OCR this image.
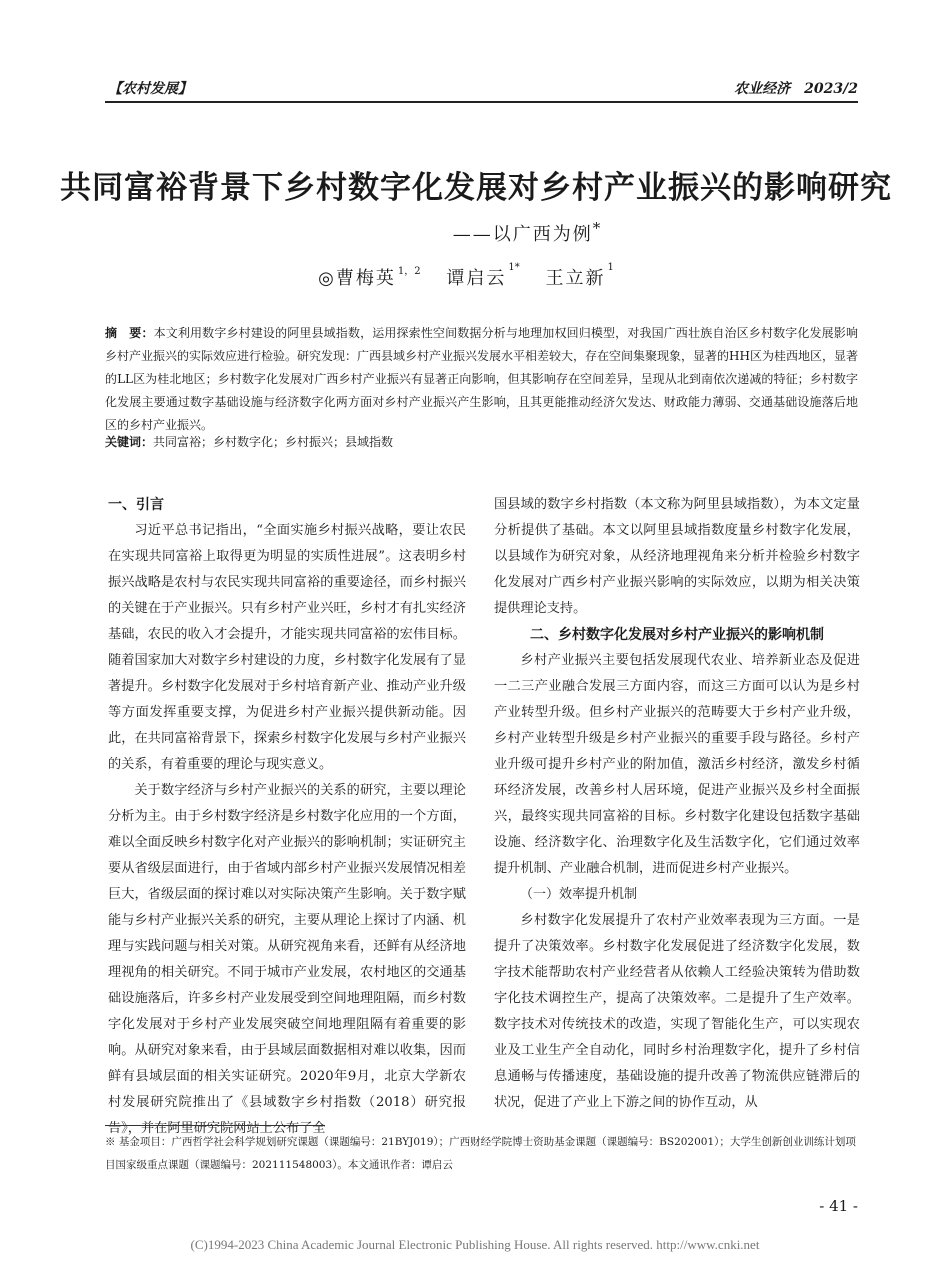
【农村发展】	农业经济　2023/2
共同富裕背景下乡村数字化发展对乡村产业振兴的影响研究
——以广西为例*
◎曹梅英 $^{1,2}$ 谭启云$^{1*}$ 王立新$^1$
摘　要：本文利用数字乡村建设的阿里县域指数，运用探索性空间数据分析与地理加权回归模型，对我国广西壮族自治区乡村数字化发展影响乡村产业振兴的实际效应进行检验。研究发现：广西县域乡村产业振兴发展水平相差较大，存在空间集聚现象，显著的HH区为桂西地区，显著的LL区为桂北地区；乡村数字化发展对广西乡村产业振兴有显著正向影响，但其影响存在空间差异，呈现从北到南依次递减的特征；乡村数字化发展主要通过数字基础设施与经济数字化两方面对乡村产业振兴产生影响，且其更能推动经济欠发达、财政能力薄弱、交通基础设施落后地区的乡村产业振兴。
关键词：共同富裕；乡村数字化；乡村振兴；县域指数

一、引言

习近平总书记指出，“全面实施乡村振兴战略，要让农民在实现共同富裕上取得更为明显的实质性进展”。这表明乡村振兴战略是农村与农民实现共同富裕的重要途径，而乡村振兴的关键在于产业振兴。只有乡村产业兴旺，乡村才有扎实经济基础，农民的收入才会提升，才能实现共同富裕的宏伟目标。随着国家加大对数字乡村建设的力度，乡村数字化发展有了显著提升。乡村数字化发展对于乡村培育新产业、推动产业升级等方面发挥重要支撑，为促进乡村产业振兴提供新动能。因此，在共同富裕背景下，探索乡村数字化发展与乡村产业振兴的关系，有着重要的理论与现实意义。

关于数字经济与乡村产业振兴的关系的研究，主要以理论分析为主。由于乡村数字经济是乡村数字化应用的一个方面，难以全面反映乡村数字化对产业振兴的影响机制；实证研究主要从省级层面进行，由于省域内部乡村产业振兴发展情况相差巨大，省级层面的探讨难以对实际决策产生影响。关于数字赋能与乡村产业振兴关系的研究，主要从理论上探讨了内涵、机理与实践问题与相关对策。从研究视角来看，还鲜有从经济地理视角的相关研究。不同于城市产业发展，农村地区的交通基础设施落后，许多乡村产业发展受到空间地理阻隔，而乡村数字化发展对于乡村产业发展突破空间地理阻隔有着重要的影响。从研究对象来看，由于县域层面数据相对难以收集，因而鲜有县域层面的相关实证研究。2020年9月，北京大学新农村发展研究院推出了《县域数字乡村指数（2018）研究报告》，并在阿里研究院网站上公布了全

国县域的数字乡村指数（本文称为阿里县域指数），为本文定量分析提供了基础。本文以阿里县域指数度量乡村数字化发展，以县域作为研究对象，从经济地理视角来分析并检验乡村数字化发展对广西乡村产业振兴影响的实际效应，以期为相关决策提供理论支持。

二、乡村数字化发展对乡村产业振兴的影响机制

乡村产业振兴主要包括发展现代农业、培养新业态及促进一二三产业融合发展三方面内容，而这三方面可以认为是乡村产业转型升级。但乡村产业振兴的范畴要大于乡村产业升级，乡村产业转型升级是乡村产业振兴的重要手段与路径。乡村产业升级可提升乡村产业的附加值，激活乡村经济，激发乡村循环经济发展，改善乡村人居环境，促进产业振兴及乡村全面振兴，最终实现共同富裕的目标。乡村数字化建设包括数字基础设施、经济数字化、治理数字化及生活数字化，它们通过效率提升机制、产业融合机制，进而促进乡村产业振兴。

（一）效率提升机制

乡村数字化发展提升了农村产业效率表现为三方面。一是提升了决策效率。乡村数字化发展促进了经济数字化发展，数字技术能帮助农村产业经营者从依赖人工经验决策转为借助数字化技术调控生产，提高了决策效率。二是提升了生产效率。数字技术对传统技术的改造，实现了智能化生产，可以实现农业及工业生产全自动化，同时乡村治理数字化，提升了乡村信息通畅与传播速度，基础设施的提升改善了物流供应链滞后的状况，促进了产业上下游之间的协作互动，从

※ 基金项目：广西哲学社会科学规划研究课题（课题编号：21BYJ019）；广西财经学院博士资助基金课题（课题编号：BS202001）；大学生创新创业训练计划项目国家级重点课题（课题编号：202111548003）。本文通讯作者：谭启云
- 41 -
(C)1994-2023 China Academic Journal Electronic Publishing House. All rights reserved. http://www.cnki.net
